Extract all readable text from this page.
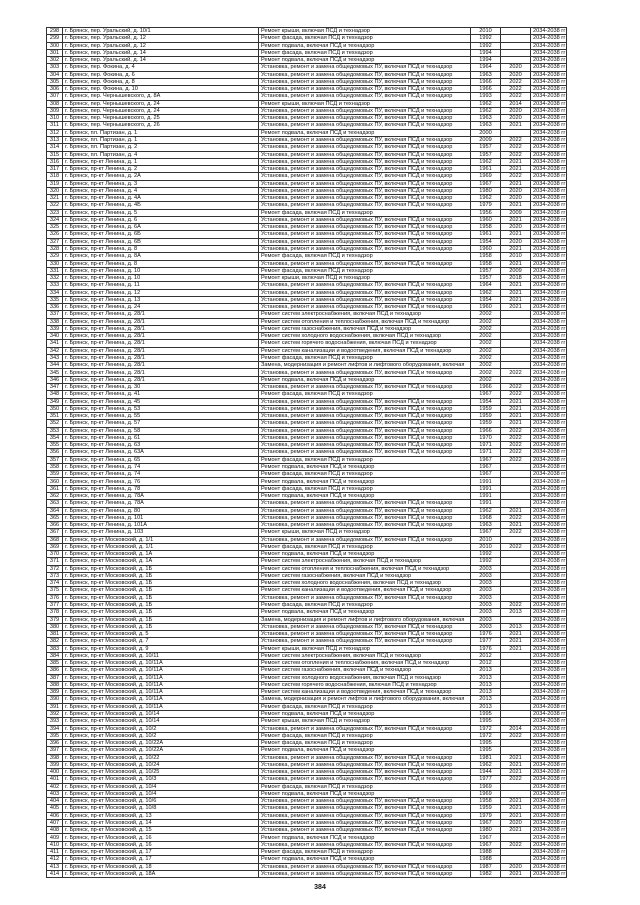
298	г. Брянск, пер. Уральский, д. 10/1	Ремонт крыши, включая ПСД и технадзор	2010		2034-2038 гг
299	г. Брянск, пер. Уральский, д. 12	Ремонт фасада, включая ПСД и технадзор	1992		2034-2038 гг
300	г. Брянск, пер. Уральский, д. 12	Ремонт подвала, включая ПСД и технадзор	1992		2034-2038 гг
301	г. Брянск, пер. Уральский, д. 14	Ремонт фасада, включая ПСД и технадзор	1994		2034-2038 гг
302	г. Брянск, пер. Уральский, д. 14	Ремонт подвала, включая ПСД и технадзор	1994		2034-2038 гг
303	г. Брянск, пер. Фокина, д. 4	Установка, ремонт и замена общедомовых ПУ, включая ПСД и технадзор	1964	2020	2034-2038 гг
304	г. Брянск, пер. Фокина, д. 6	Установка, ремонт и замена общедомовых ПУ, включая ПСД и технадзор	1963	2020	2034-2038 гг
305	г. Брянск, пер. Фокина, д. 8	Установка, ремонт и замена общедомовых ПУ, включая ПСД и технадзор	1966	2022	2034-2038 гг
306	г. Брянск, пер. Фокина, д. 10	Установка, ремонт и замена общедомовых ПУ, включая ПСД и технадзор	1966	2022	2034-2038 гг
307	г. Брянск, пер. Чернышевского, д. 8А	Установка, ремонт и замена общедомовых ПУ, включая ПСД и технадзор	1993	2022	2034-2038 гг
308	г. Брянск, пер. Чернышевского, д. 24	Ремонт крыши, включая ПСД и технадзор	1962	2014	2034-2038 гг
309	г. Брянск, пер. Чернышевского, д. 24	Установка, ремонт и замена общедомовых ПУ, включая ПСД и технадзор	1962	2020	2034-2038 гг
310	г. Брянск, пер. Чернышевского, д. 25	Установка, ремонт и замена общедомовых ПУ, включая ПСД и технадзор	1963	2020	2034-2038 гг
311	г. Брянск, пер. Чернышевского, д. 26	Установка, ремонт и замена общедомовых ПУ, включая ПСД и технадзор	1963	2021	2034-2038 гг
312	г. Брянск, пл. Партизан, д. 1	Ремонт подвала, включая ПСД и технадзор	2000		2034-2038 гг
313	г. Брянск, пл. Партизан, д. 1	Установка, ремонт и замена общедомовых ПУ, включая ПСД и технадзор	2009	2022	2034-2038 гг
314	г. Брянск, пл. Партизан, д. 2	Установка, ремонт и замена общедомовых ПУ, включая ПСД и технадзор	1957	2022	2034-2038 гг
315	г. Брянск, пл. Партизан, д. 4	Установка, ремонт и замена общедомовых ПУ, включая ПСД и технадзор	1957	2022	2034-2038 гг
316	г. Брянск, пр-кт Ленина, д. 1	Установка, ремонт и замена общедомовых ПУ, включая ПСД и технадзор	1962	2021	2034-2038 гг
317	г. Брянск, пр-кт Ленина, д. 2	Установка, ремонт и замена общедомовых ПУ, включая ПСД и технадзор	1961	2021	2034-2038 гг
318	г. Брянск, пр-кт Ленина, д. 2А	Установка, ремонт и замена общедомовых ПУ, включая ПСД и технадзор	1969	2022	2034-2038 гг
319	г. Брянск, пр-кт Ленина, д. 3	Установка, ремонт и замена общедомовых ПУ, включая ПСД и технадзор	1967	2021	2034-2038 гг
320	г. Брянск, пр-кт Ленина, д. 4	Установка, ремонт и замена общедомовых ПУ, включая ПСД и технадзор	1980	2020	2034-2038 гг
321	г. Брянск, пр-кт Ленина, д. 4А	Установка, ремонт и замена общедомовых ПУ, включая ПСД и технадзор	1962	2020	2034-2038 гг
322	г. Брянск, пр-кт Ленина, д. 4Б	Установка, ремонт и замена общедомовых ПУ, включая ПСД и технадзор	1979	2021	2034-2038 гг
323	г. Брянск, пр-кт Ленина, д. 5	Ремонт фасада, включая ПСД и технадзор	1956	2009	2034-2038 гг
324	г. Брянск, пр-кт Ленина, д. 6	Установка, ремонт и замена общедомовых ПУ, включая ПСД и технадзор	1960	2021	2034-2038 гг
325	г. Брянск, пр-кт Ленина, д. 6А	Установка, ремонт и замена общедомовых ПУ, включая ПСД и технадзор	1958	2020	2034-2038 гг
326	г. Брянск, пр-кт Ленина, д. 6Б	Установка, ремонт и замена общедомовых ПУ, включая ПСД и технадзор	1961	2021	2034-2038 гг
327	г. Брянск, пр-кт Ленина, д. 6В	Установка, ремонт и замена общедомовых ПУ, включая ПСД и технадзор	1954	2020	2034-2038 гг
328	г. Брянск, пр-кт Ленина, д. 8	Установка, ремонт и замена общедомовых ПУ, включая ПСД и технадзор	1960	2021	2034-2038 гг
329	г. Брянск, пр-кт Ленина, д. 8А	Ремонт фасада, включая ПСД и технадзор	1958	2010	2034-2038 гг
330	г. Брянск, пр-кт Ленина, д. 8	Установка, ремонт и замена общедомовых ПУ, включая ПСД и технадзор	1958	2021	2034-2038 гг
331	г. Брянск, пр-кт Ленина, д. 10	Ремонт фасада, включая ПСД и технадзор	1957	2009	2034-2038 гг
332	г. Брянск, пр-кт Ленина, д. 10	Ремонт крыши, включая ПСД и технадзор	1957	2018	2034-2038 гг
333	г. Брянск, пр-кт Ленина, д. 11	Установка, ремонт и замена общедомовых ПУ, включая ПСД и технадзор	1964	2021	2034-2038 гг
334	г. Брянск, пр-кт Ленина, д. 12	Установка, ремонт и замена общедомовых ПУ, включая ПСД и технадзор	1962	2021	2034-2038 гг
335	г. Брянск, пр-кт Ленина, д. 13	Установка, ремонт и замена общедомовых ПУ, включая ПСД и технадзор	1954	2021	2034-2038 гг
336	г. Брянск, пр-кт Ленина, д. 24	Установка, ремонт и замена общедомовых ПУ, включая ПСД и технадзор	1960	2021	2034-2038 гг
337	г. Брянск, пр-кт Ленина, д. 28/1	Ремонт систем электроснабжения, включая ПСД и технадзор	2002		2034-2038 гг
338	г. Брянск, пр-кт Ленина, д. 28/1	Ремонт систем отопления и теплоснабжения, включая ПСД и технадзор	2002		2034-2038 гг
339	г. Брянск, пр-кт Ленина, д. 28/1	Ремонт систем газоснабжения, включая ПСД и технадзор	2002		2034-2038 гг
340	г. Брянск, пр-кт Ленина, д. 28/1	Ремонт систем холодного водоснабжения, включая ПСД и технадзор	2002		2034-2038 гг
341	г. Брянск, пр-кт Ленина, д. 28/1	Ремонт систем горячего водоснабжения, включая ПСД и технадзор	2002		2034-2038 гг
342	г. Брянск, пр-кт Ленина, д. 28/1	Ремонт систем канализации и водоотведения, включая ПСД и технадзор	2002		2034-2038 гг
343	г. Брянск, пр-кт Ленина, д. 28/1	Ремонт фасада, включая ПСД и технадзор	2002		2034-2038 гг
344	г. Брянск, пр-кт Ленина, д. 28/1	Замена, модернизация и ремонт лифтов и лифтового оборудования, включая	2002		2034-2038 гг
345	г. Брянск, пр-кт Ленина, д. 28/1	Установка, ремонт и замена общедомовых ПУ, включая ПСД и технадзор	2002	2022	2034-2038 гг
346	г. Брянск, пр-кт Ленина, д. 28/1	Ремонт подвала, включая ПСД и технадзор	2002		2034-2038 гг
347	г. Брянск, пр-кт Ленина, д. 30	Установка, ремонт и замена общедомовых ПУ, включая ПСД и технадзор	1966	2022	2034-2038 гг
348	г. Брянск, пр-кт Ленина, д. 41	Ремонт фасада, включая ПСД и технадзор	1967	2022	2034-2038 гг
349	г. Брянск, пр-кт Ленина, д. 45	Установка, ремонт и замена общедомовых ПУ, включая ПСД и технадзор	1954	2021	2034-2038 гг
350	г. Брянск, пр-кт Ленина, д. 53	Установка, ремонт и замена общедомовых ПУ, включая ПСД и технадзор	1959	2021	2034-2038 гг
351	г. Брянск, пр-кт Ленина, д. 55	Установка, ремонт и замена общедомовых ПУ, включая ПСД и технадзор	1959	2021	2034-2038 гг
352	г. Брянск, пр-кт Ленина, д. 57	Установка, ремонт и замена общедомовых ПУ, включая ПСД и технадзор	1959	2021	2034-2038 гг
353	г. Брянск, пр-кт Ленина, д. 58	Установка, ремонт и замена общедомовых ПУ, включая ПСД и технадзор	1966	2022	2034-2038 гг
354	г. Брянск, пр-кт Ленина, д. 61	Установка, ремонт и замена общедомовых ПУ, включая ПСД и технадзор	1970	2022	2034-2038 гг
355	г. Брянск, пр-кт Ленина, д. 63	Установка, ремонт и замена общедомовых ПУ, включая ПСД и технадзор	1971	2022	2034-2038 гг
356	г. Брянск, пр-кт Ленина, д. 63А	Установка, ремонт и замена общедомовых ПУ, включая ПСД и технадзор	1971	2022	2034-2038 гг
357	г. Брянск, пр-кт Ленина, д. 65	Ремонт фасада, включая ПСД и технадзор	1967	2022	2034-2038 гг
358	г. Брянск, пр-кт Ленина, д. 74	Ремонт подвала, включая ПСД и технадзор	1967		2034-2038 гг
359	г. Брянск, пр-кт Ленина, д. 74	Ремонт фасада, включая ПСД и технадзор	1967		2034-2038 гг
360	г. Брянск, пр-кт Ленина, д. 76	Ремонт подвала, включая ПСД и технадзор	1991		2034-2038 гг
361	г. Брянск, пр-кт Ленина, д. 78	Ремонт фасада, включая ПСД и технадзор	1991		2034-2038 гг
362	г. Брянск, пр-кт Ленина, д. 78А	Ремонт подвала, включая ПСД и технадзор	1991		2034-2038 гг
363	г. Брянск, пр-кт Ленина, д. 78А	Установка, ремонт и замена общедомовых ПУ, включая ПСД и технадзор	1991		2034-2038 гг
364	г. Брянск, пр-кт Ленина, д. 80	Установка, ремонт и замена общедомовых ПУ, включая ПСД и технадзор	1962	2021	2034-2038 гг
365	г. Брянск, пр-кт Ленина, д. 101	Установка, ремонт и замена общедомовых ПУ, включая ПСД и технадзор	1968	2022	2034-2038 гг
366	г. Брянск, пр-кт Ленина, д. 101А	Установка, ремонт и замена общедомовых ПУ, включая ПСД и технадзор	1963	2021	2034-2038 гг
367	г. Брянск, пр-кт Ленина, д. 103	Ремонт крыши, включая ПСД и технадзор	1967	2022	2034-2038 гг
368	г. Брянск, пр-кт Московский, д. 1/1	Установка, ремонт и замена общедомовых ПУ, включая ПСД и технадзор	2010		2034-2038 гг
369	г. Брянск, пр-кт Московский, д. 1/1	Ремонт фасада, включая ПСД и технадзор	2010	2022	2034-2038 гг
370	г. Брянск, пр-кт Московский, д. 1А	Ремонт подвала, включая ПСД и технадзор	1992		2034-2038 гг
371	г. Брянск, пр-кт Московский, д. 1А	Ремонт систем электроснабжения, включая ПСД и технадзор	1992		2034-2038 гг
372	г. Брянск, пр-кт Московский, д. 1Б	Ремонт систем отопления и теплоснабжения, включая ПСД и технадзор	2003		2034-2038 гг
373	г. Брянск, пр-кт Московский, д. 1Б	Ремонт систем газоснабжения, включая ПСД и технадзор	2003		2034-2038 гг
374	г. Брянск, пр-кт Московский, д. 1Б	Ремонт систем холодного водоснабжения, включая ПСД и технадзор	2003		2034-2038 гг
375	г. Брянск, пр-кт Московский, д. 1Б	Ремонт систем канализации и водоотведения, включая ПСД и технадзор	2003		2034-2038 гг
376	г. Брянск, пр-кт Московский, д. 1Б	Установка, ремонт и замена общедомовых ПУ, включая ПСД и технадзор	2003		2034-2038 гг
377	г. Брянск, пр-кт Московский, д. 1Б	Ремонт фасада, включая ПСД и технадзор	2003	2022	2034-2038 гг
378	г. Брянск, пр-кт Московский, д. 1Б	Ремонт подвала, включая ПСД и технадзор	2003	2013	2034-2038 гг
379	г. Брянск, пр-кт Московский, д. 1Б	Замена, модернизация и ремонт лифтов и лифтового оборудования, включая	2003		2034-2038 гг
380	г. Брянск, пр-кт Московский, д. 1Б	Установка, ремонт и замена общедомовых ПУ, включая ПСД и технадзор	2003	2013	2034-2038 гг
381	г. Брянск, пр-кт Московский, д. 5	Установка, ремонт и замена общедомовых ПУ, включая ПСД и технадзор	1976	2021	2034-2038 гг
382	г. Брянск, пр-кт Московский, д. 7	Установка, ремонт и замена общедомовых ПУ, включая ПСД и технадзор	1977	2021	2034-2038 гг
383	г. Брянск, пр-кт Московский, д. 9	Ремонт крыши, включая ПСД и технадзор	1976	2021	2034-2038 гг
384	г. Брянск, пр-кт Московский, д. 10/11	Ремонт систем электроснабжения, включая ПСД и технадзор	2012		2034-2038 гг
385	г. Брянск, пр-кт Московский, д. 10/11А	Ремонт систем отопления и теплоснабжения, включая ПСД и технадзор	2012		2034-2038 гг
386	г. Брянск, пр-кт Московский, д. 10/11А	Ремонт систем газоснабжения, включая ПСД и технадзор	2013		2034-2038 гг
387	г. Брянск, пр-кт Московский, д. 10/11А	Ремонт систем холодного водоснабжения, включая ПСД и технадзор	2013		2034-2038 гг
388	г. Брянск, пр-кт Московский, д. 10/11А	Ремонт систем горячего водоснабжения, включая ПСД и технадзор	2013		2034-2038 гг
389	г. Брянск, пр-кт Московский, д. 10/11А	Ремонт систем канализации и водоотведения, включая ПСД и технадзор	2013		2034-2038 гг
390	г. Брянск, пр-кт Московский, д. 10/11А	Замена, модернизация и ремонт лифтов и лифтового оборудования, включая	2013		2034-2038 гг
391	г. Брянск, пр-кт Московский, д. 10/11А	Ремонт фасада, включая ПСД и технадзор	2013		2034-2038 гг
392	г. Брянск, пр-кт Московский, д. 10/14	Ремонт подвала, включая ПСД и технадзор	1995		2034-2038 гг
393	г. Брянск, пр-кт Московский, д. 10/14	Ремонт крыши, включая ПСД и технадзор	1995		2034-2038 гг
394	г. Брянск, пр-кт Московский, д. 10/2	Установка, ремонт и замена общедомовых ПУ, включая ПСД и технадзор	1972	2014	2034-2038 гг
395	г. Брянск, пр-кт Московский, д. 10/2	Ремонт фасада, включая ПСД и технадзор	1972	2022	2034-2038 гг
396	г. Брянск, пр-кт Московский, д. 10/22А	Ремонт фасада, включая ПСД и технадзор	1995		2034-2038 гг
397	г. Брянск, пр-кт Московский, д. 10/22А	Ремонт подвала, включая ПСД и технадзор	1995		2034-2038 гг
398	г. Брянск, пр-кт Московский, д. 10/22	Установка, ремонт и замена общедомовых ПУ, включая ПСД и технадзор	1981	2021	2034-2038 гг
399	г. Брянск, пр-кт Московский, д. 10/24	Установка, ремонт и замена общедомовых ПУ, включая ПСД и технадзор	1962	2021	2034-2038 гг
400	г. Брянск, пр-кт Московский, д. 10/25	Установка, ремонт и замена общедомовых ПУ, включая ПСД и технадзор	1944	2021	2034-2038 гг
401	г. Брянск, пр-кт Московский, д. 10/3	Установка, ремонт и замена общедомовых ПУ, включая ПСД и технадзор	1977	2022	2034-2038 гг
402	г. Брянск, пр-кт Московский, д. 10/4	Ремонт фасада, включая ПСД и технадзор	1969		2034-2038 гг
403	г. Брянск, пр-кт Московский, д. 10/4	Ремонт подвала, включая ПСД и технадзор	1969		2034-2038 гг
404	г. Брянск, пр-кт Московский, д. 10/6	Установка, ремонт и замена общедомовых ПУ, включая ПСД и технадзор	1958	2021	2034-2038 гг
405	г. Брянск, пр-кт Московский, д. 10/8	Установка, ремонт и замена общедомовых ПУ, включая ПСД и технадзор	1959	2021	2034-2038 гг
406	г. Брянск, пр-кт Московский, д. 13	Установка, ремонт и замена общедомовых ПУ, включая ПСД и технадзор	1979	2021	2034-2038 гг
407	г. Брянск, пр-кт Московский, д. 14	Установка, ремонт и замена общедомовых ПУ, включая ПСД и технадзор	1967	2020	2034-2038 гг
408	г. Брянск, пр-кт Московский, д. 15	Установка, ремонт и замена общедомовых ПУ, включая ПСД и технадзор	1980	2021	2034-2038 гг
409	г. Брянск, пр-кт Московский, д. 16	Ремонт подвала, включая ПСД и технадзор	1967		2034-2038 гг
410	г. Брянск, пр-кт Московский, д. 16	Установка, ремонт и замена общедомовых ПУ, включая ПСД и технадзор	1967	2022	2034-2038 гг
411	г. Брянск, пр-кт Московский, д. 17	Ремонт фасада, включая ПСД и технадзор	1988		2034-2038 гг
412	г. Брянск, пр-кт Московский, д. 17	Ремонт подвала, включая ПСД и технадзор	1988		2034-2038 гг
413	г. Брянск, пр-кт Московский, д. 18	Установка, ремонт и замена общедомовых ПУ, включая ПСД и технадзор	1987	2020	2034-2038 гг
414	г. Брянск, пр-кт Московский, д. 18А	Установка, ремонт и замена общедомовых ПУ, включая ПСД и технадзор	1982	2021	2034-2038 гг
384
